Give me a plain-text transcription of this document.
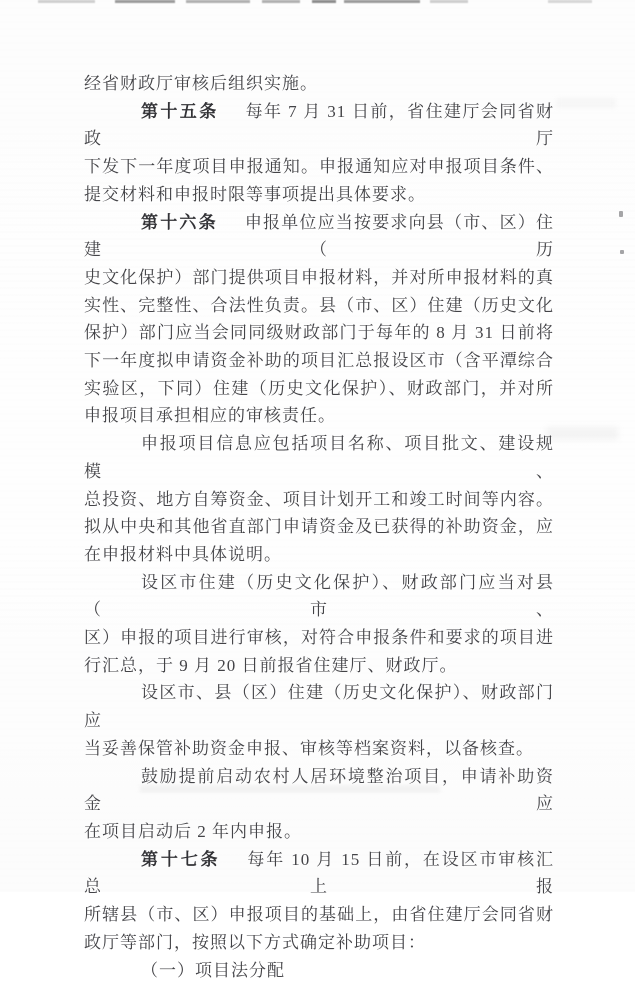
经省财政厅审核后组织实施。
第十五条 每年 7 月 31 日前，省住建厅会同省财政厅
下发下一年度项目申报通知。申报通知应对申报项目条件、
提交材料和申报时限等事项提出具体要求。
第十六条 申报单位应当按要求向县（市、区）住建（历
史文化保护）部门提供项目申报材料，并对所申报材料的真
实性、完整性、合法性负责。县（市、区）住建（历史文化
保护）部门应当会同同级财政部门于每年的 8 月 31 日前将
下一年度拟申请资金补助的项目汇总报设区市（含平潭综合
实验区，下同）住建（历史文化保护）、财政部门，并对所
申报项目承担相应的审核责任。
申报项目信息应包括项目名称、项目批文、建设规模、
总投资、地方自筹资金、项目计划开工和竣工时间等内容。
拟从中央和其他省直部门申请资金及已获得的补助资金，应
在申报材料中具体说明。
设区市住建（历史文化保护）、财政部门应当对县（市、
区）申报的项目进行审核，对符合申报条件和要求的项目进
行汇总，于 9 月 20 日前报省住建厅、财政厅。
设区市、县（区）住建（历史文化保护）、财政部门应
当妥善保管补助资金申报、审核等档案资料，以备核查。
鼓励提前启动农村人居环境整治项目，申请补助资金应
在项目启动后 2 年内申报。
第十七条 每年 10 月 15 日前，在设区市审核汇总上报
所辖县（市、区）申报项目的基础上，由省住建厅会同省财
政厅等部门，按照以下方式确定补助项目：
（一）项目法分配
